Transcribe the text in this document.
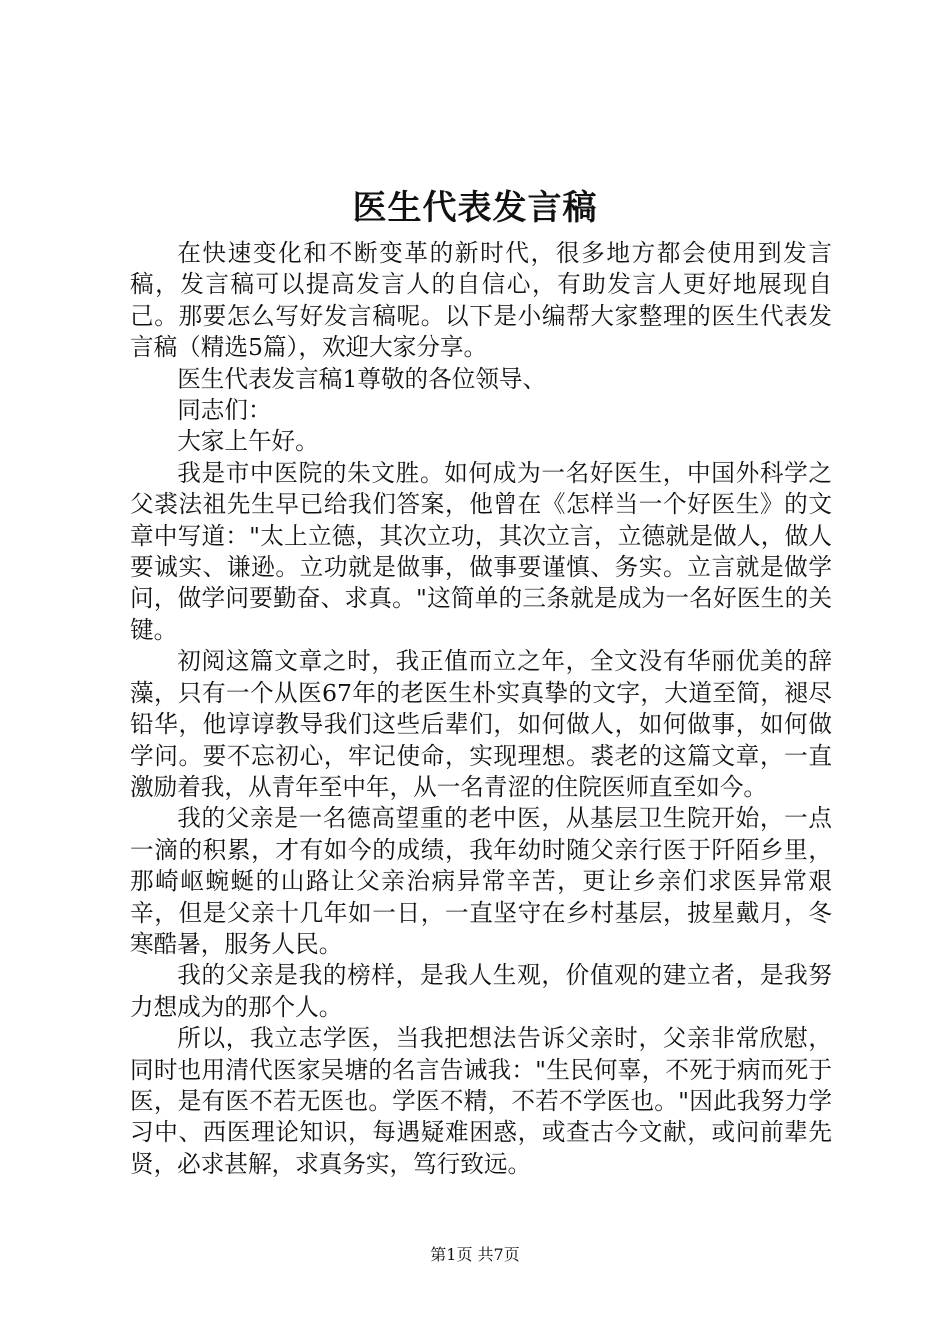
医生代表发言稿

在快速变化和不断变革的新时代，很多地方都会使用到发言稿，发言稿可以提高发言人的自信心，有助发言人更好地展现自己。那要怎么写好发言稿呢。以下是小编帮大家整理的医生代表发言稿（精选5篇），欢迎大家分享。

医生代表发言稿1尊敬的各位领导、

同志们：

大家上午好。

我是市中医院的朱文胜。如何成为一名好医生，中国外科学之父裘法祖先生早已给我们答案，他曾在《怎样当一个好医生》的文章中写道："太上立德，其次立功，其次立言，立德就是做人，做人要诚实、谦逊。立功就是做事，做事要谨慎、务实。立言就是做学问，做学问要勤奋、求真。"这简单的三条就是成为一名好医生的关键。

初阅这篇文章之时，我正值而立之年，全文没有华丽优美的辞藻，只有一个从医67年的老医生朴实真挚的文字，大道至简，褪尽铅华，他谆谆教导我们这些后辈们，如何做人，如何做事，如何做学问。要不忘初心，牢记使命，实现理想。裘老的这篇文章，一直激励着我，从青年至中年，从一名青涩的住院医师直至如今。

我的父亲是一名德高望重的老中医，从基层卫生院开始，一点一滴的积累，才有如今的成绩，我年幼时随父亲行医于阡陌乡里，那崎岖蜿蜒的山路让父亲治病异常辛苦，更让乡亲们求医异常艰辛，但是父亲十几年如一日，一直坚守在乡村基层，披星戴月，冬寒酷暑，服务人民。

我的父亲是我的榜样，是我人生观，价值观的建立者，是我努力想成为的那个人。

所以，我立志学医，当我把想法告诉父亲时，父亲非常欣慰，同时也用清代医家吴塘的名言告诫我："生民何辜，不死于病而死于医，是有医不若无医也。学医不精，不若不学医也。"因此我努力学习中、西医理论知识，每遇疑难困惑，或查古今文献，或问前辈先贤，必求甚解，求真务实，笃行致远。

第1页 共7页
